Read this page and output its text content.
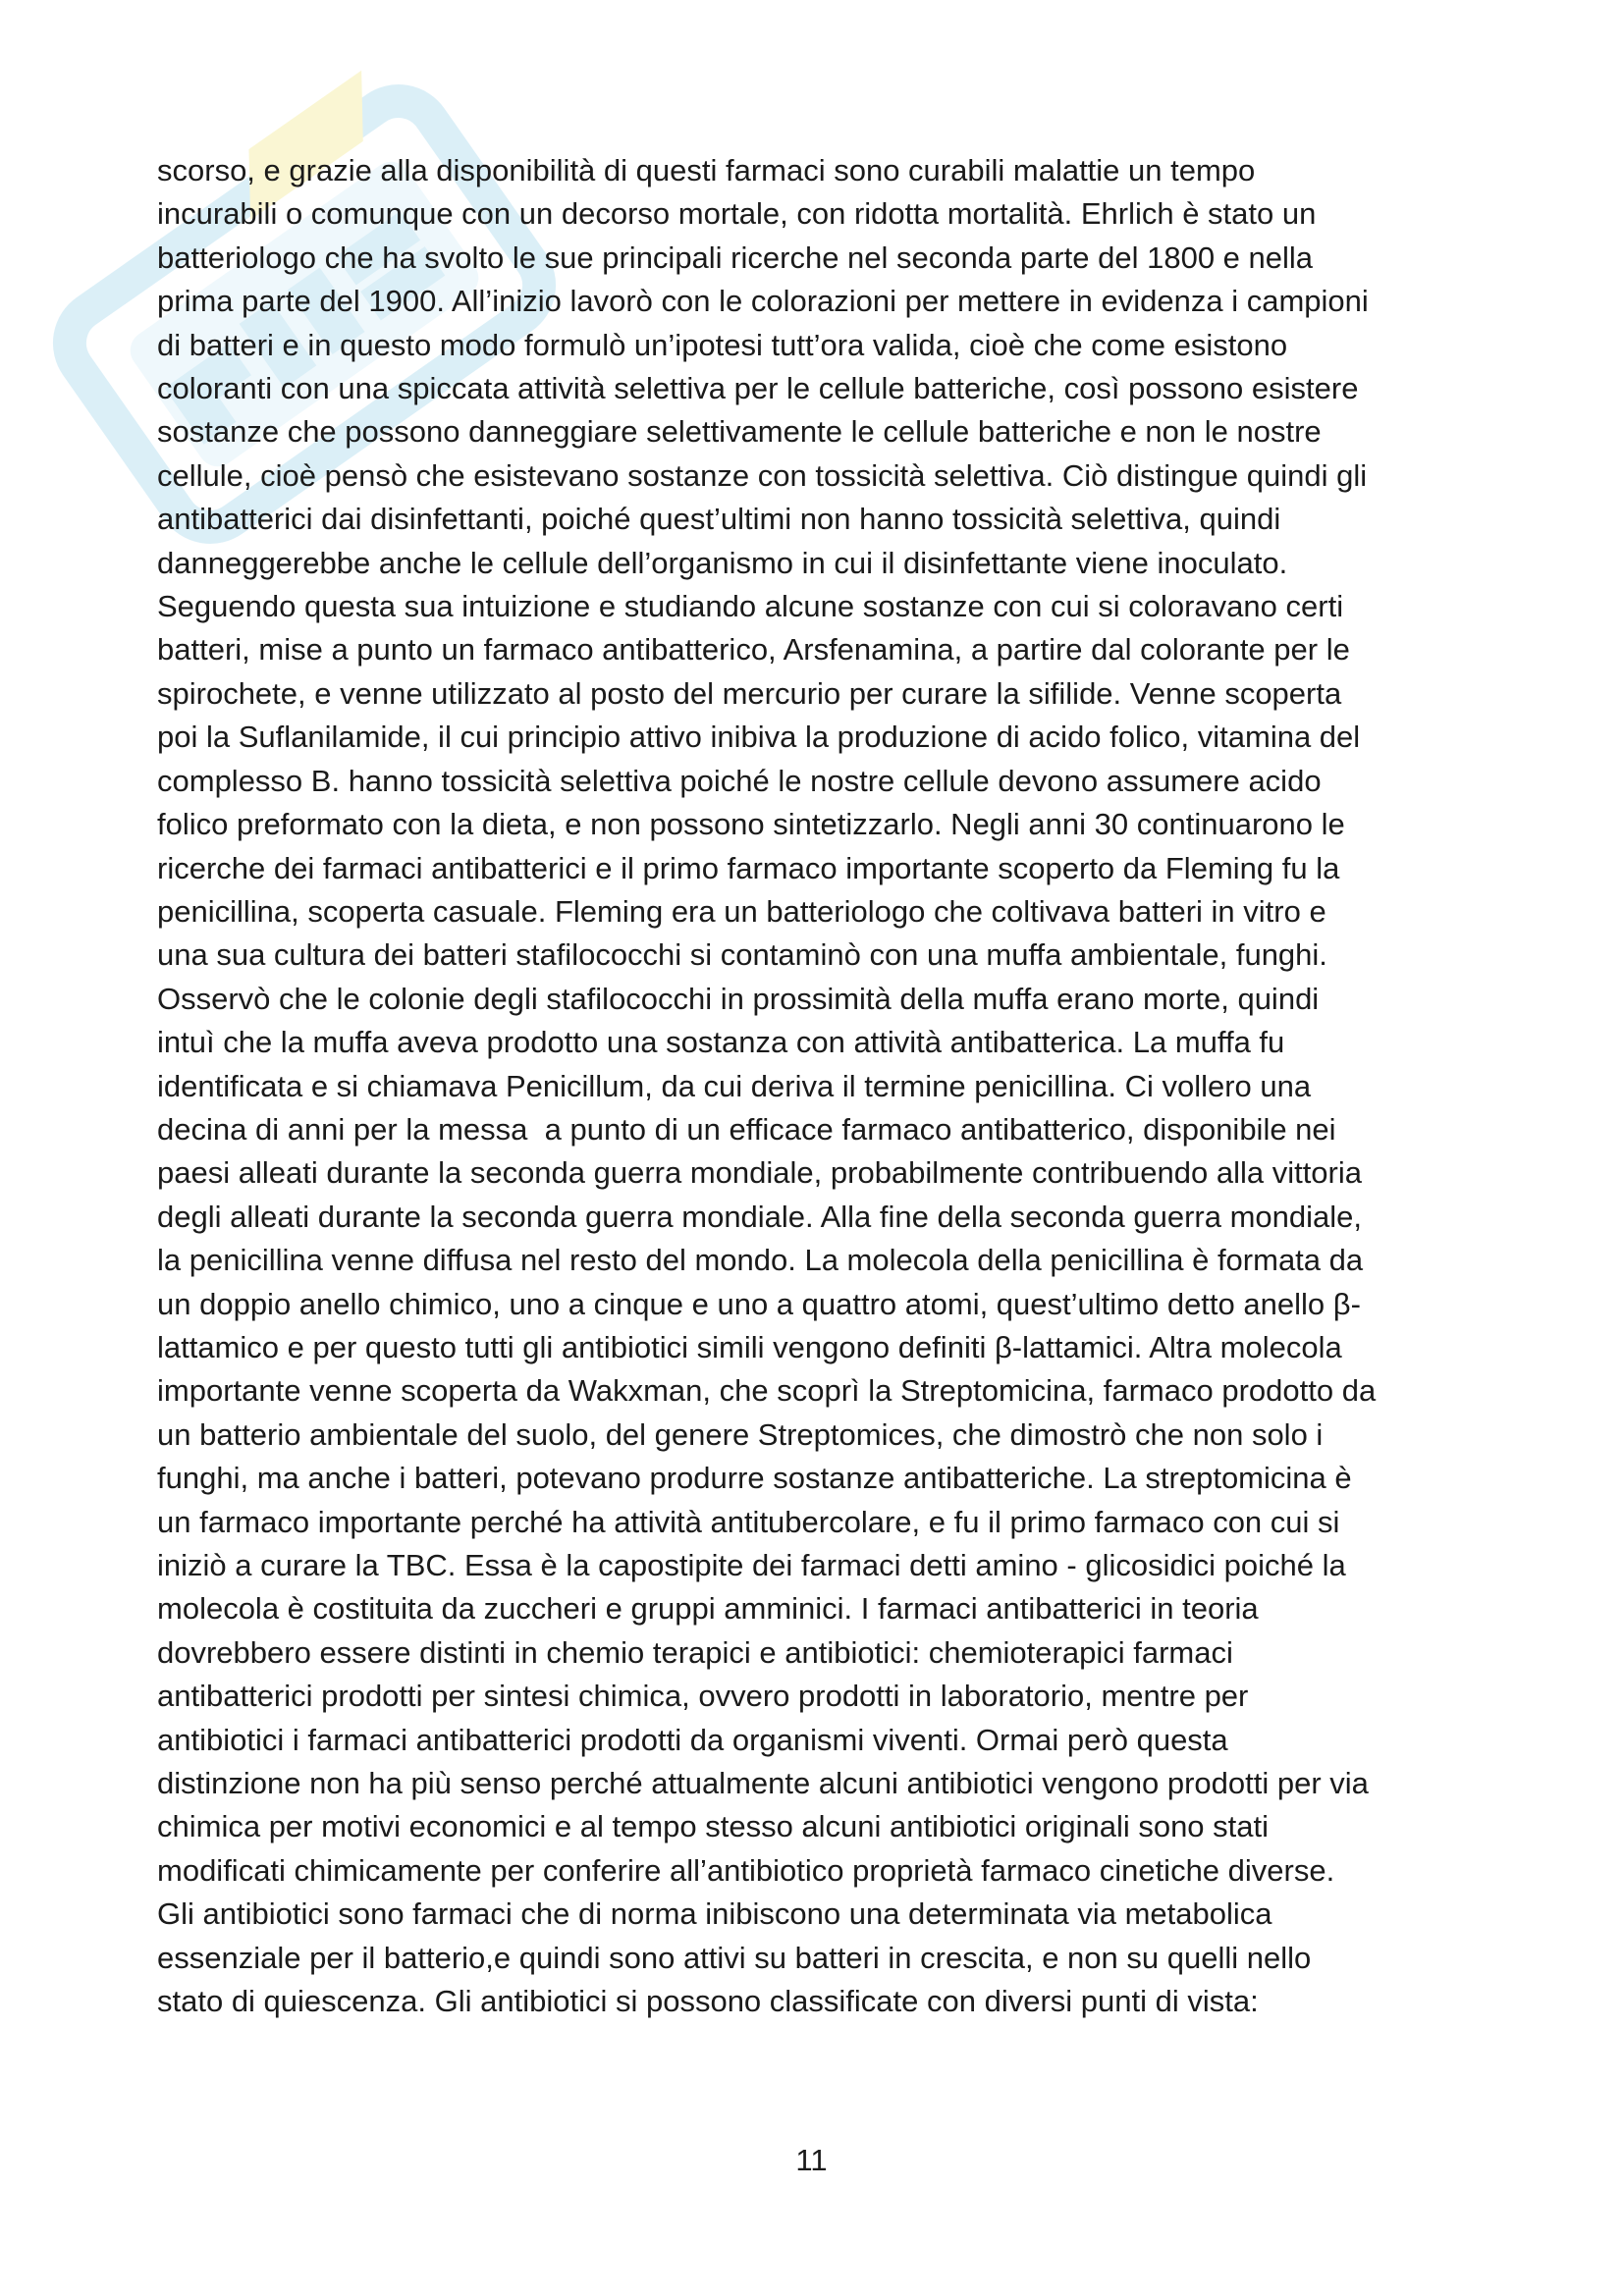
scorso, e grazie alla disponibilità di questi farmaci sono curabili malattie un tempo
incurabili o comunque con un decorso mortale, con ridotta mortalità. Ehrlich è stato un
batteriologo che ha svolto le sue principali ricerche nel seconda parte del 1800 e nella
prima parte del 1900. All’inizio lavorò con le colorazioni per mettere in evidenza i campioni
di batteri e in questo modo formulò un’ipotesi tutt’ora valida, cioè che come esistono
coloranti con una spiccata attività selettiva per le cellule batteriche, così possono esistere
sostanze che possono danneggiare selettivamente le cellule batteriche e non le nostre
cellule, cioè pensò che esistevano sostanze con tossicità selettiva. Ciò distingue quindi gli
antibatterici dai disinfettanti, poiché quest’ultimi non hanno tossicità selettiva, quindi
danneggerebbe anche le cellule dell’organismo in cui il disinfettante viene inoculato.
Seguendo questa sua intuizione e studiando alcune sostanze con cui si coloravano certi
batteri, mise a punto un farmaco antibatterico, Arsfenamina, a partire dal colorante per le
spirochete, e venne utilizzato al posto del mercurio per curare la sifilide. Venne scoperta
poi la Suflanilamide, il cui principio attivo inibiva la produzione di acido folico, vitamina del
complesso B. hanno tossicità selettiva poiché le nostre cellule devono assumere acido
folico preformato con la dieta, e non possono sintetizzarlo. Negli anni 30 continuarono le
ricerche dei farmaci antibatterici e il primo farmaco importante scoperto da Fleming fu la
penicillina, scoperta casuale. Fleming era un batteriologo che coltivava batteri in vitro e
una sua cultura dei batteri stafilococchi si contaminò con una muffa ambientale, funghi.
Osservò che le colonie degli stafilococchi in prossimità della muffa erano morte, quindi
intuì che la muffa aveva prodotto una sostanza con attività antibatterica. La muffa fu
identificata e si chiamava Penicillum, da cui deriva il termine penicillina. Ci vollero una
decina di anni per la messa  a punto di un efficace farmaco antibatterico, disponibile nei
paesi alleati durante la seconda guerra mondiale, probabilmente contribuendo alla vittoria
degli alleati durante la seconda guerra mondiale. Alla fine della seconda guerra mondiale,
la penicillina venne diffusa nel resto del mondo. La molecola della penicillina è formata da
un doppio anello chimico, uno a cinque e uno a quattro atomi, quest’ultimo detto anello β-
lattamico e per questo tutti gli antibiotici simili vengono definiti β-lattamici. Altra molecola
importante venne scoperta da Wakxman, che scoprì la Streptomicina, farmaco prodotto da
un batterio ambientale del suolo, del genere Streptomices, che dimostrò che non solo i
funghi, ma anche i batteri, potevano produrre sostanze antibatteriche. La streptomicina è
un farmaco importante perché ha attività antitubercolare, e fu il primo farmaco con cui si
iniziò a curare la TBC. Essa è la capostipite dei farmaci detti amino - glicosidici poiché la
molecola è costituita da zuccheri e gruppi amminici. I farmaci antibatterici in teoria
dovrebbero essere distinti in chemio terapici e antibiotici: chemioterapici farmaci
antibatterici prodotti per sintesi chimica, ovvero prodotti in laboratorio, mentre per
antibiotici i farmaci antibatterici prodotti da organismi viventi. Ormai però questa
distinzione non ha più senso perché attualmente alcuni antibiotici vengono prodotti per via
chimica per motivi economici e al tempo stesso alcuni antibiotici originali sono stati
modificati chimicamente per conferire all’antibiotico proprietà farmaco cinetiche diverse.
Gli antibiotici sono farmaci che di norma inibiscono una determinata via metabolica
essenziale per il batterio,e quindi sono attivi su batteri in crescita, e non su quelli nello
stato di quiescenza. Gli antibiotici si possono classificate con diversi punti di vista:
11
